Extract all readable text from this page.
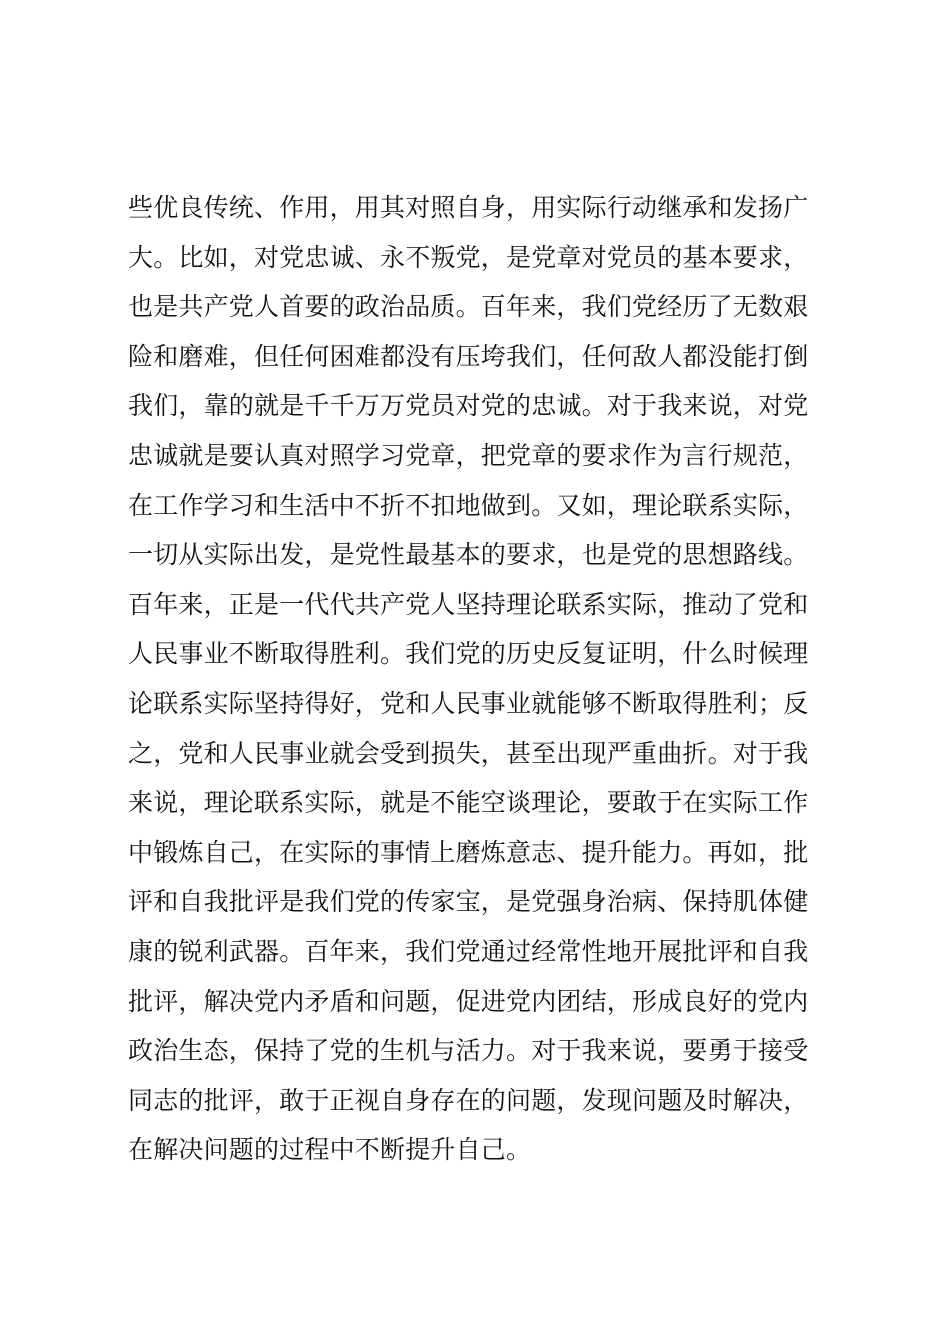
些优良传统、作用，用其对照自身，用实际行动继承和发扬广
大。比如，对党忠诚、永不叛党，是党章对党员的基本要求，
也是共产党人首要的政治品质。百年来，我们党经历了无数艰
险和磨难，但任何困难都没有压垮我们，任何敌人都没能打倒
我们，靠的就是千千万万党员对党的忠诚。对于我来说，对党
忠诚就是要认真对照学习党章，把党章的要求作为言行规范，
在工作学习和生活中不折不扣地做到。又如，理论联系实际，
一切从实际出发，是党性最基本的要求，也是党的思想路线。
百年来，正是一代代共产党人坚持理论联系实际，推动了党和
人民事业不断取得胜利。我们党的历史反复证明，什么时候理
论联系实际坚持得好，党和人民事业就能够不断取得胜利；反
之，党和人民事业就会受到损失，甚至出现严重曲折。对于我
来说，理论联系实际，就是不能空谈理论，要敢于在实际工作
中锻炼自己，在实际的事情上磨炼意志、提升能力。再如，批
评和自我批评是我们党的传家宝，是党强身治病、保持肌体健
康的锐利武器。百年来，我们党通过经常性地开展批评和自我
批评，解决党内矛盾和问题，促进党内团结，形成良好的党内
政治生态，保持了党的生机与活力。对于我来说，要勇于接受
同志的批评，敢于正视自身存在的问题，发现问题及时解决，
在解决问题的过程中不断提升自己。
